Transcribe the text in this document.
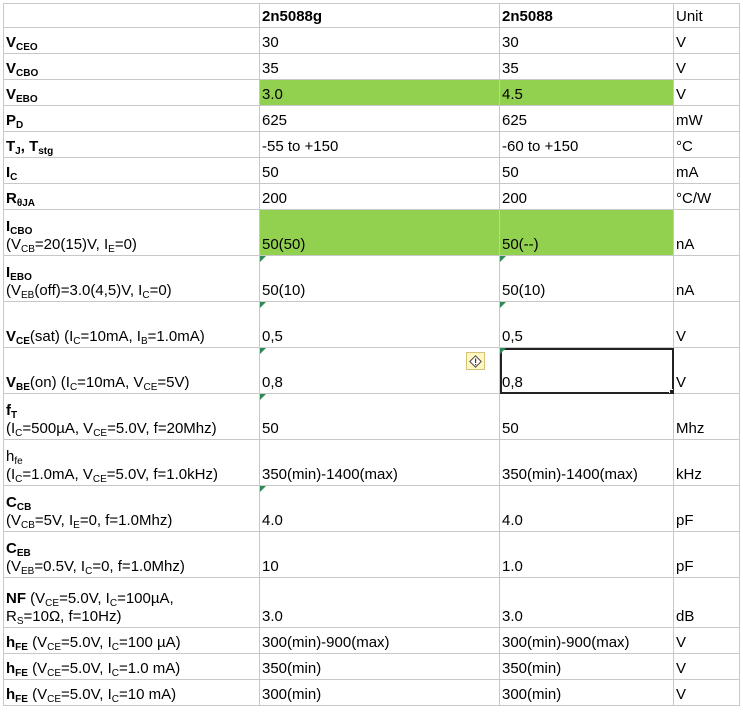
	2n5088g	2n5088	Unit
$V_{CEO}$	30	30	V
$V_{CBO}$	35	35	V
$V_{EBO}$	3.0	4.5	V
$P_D$	625	625	mW
$T_J$, $T_{stg}$	-55 to +150	-60 to +150	°C
$I_C$	50	50	mA
$R_{\theta JA}$	200	200	°C/W

$I_{CBO}$
($V_{CB}=20(15)V$, $I_E=0$)	50(50)	50(--)	nA

$I_{EBO}$
($V_{EB}(off)=3.0(4,5)V$, $I_C=0$)	50(10)	50(10)	nA
$V_{CE}(sat)$ ($I_C=10mA$, $I_B=1.0mA$)	0,5	0,5	V
$V_{BE}(on)$ ($I_C=10mA$, $V_{CE}=5V$)	0,8	0,8	V

$f_T$
($I_C=500\mu A$, $V_{CE}=5.0V$, f=20Mhz)	50	50	Mhz

$h_{fe}$
($I_C=1.0mA$, $V_{CE}=5.0V$, f=1.0kHz)	350(min)-1400(max)	350(min)-1400(max)	kHz

$C_{CB}$
($V_{CB}=5V$, $I_E=0$, f=1.0Mhz)	4.0	4.0	pF

$C_{EB}$
($V_{EB}=0.5V$, $I_C=0$, f=1.0Mhz)	10	1.0	pF

NF ($V_{CE}=5.0V$, $I_C=100\mu A$,
$R_S=10\Omega$, f=10Hz)	3.0	3.0	dB
$h_{FE}$ ($V_{CE}=5.0V$, $I_C=100$ µA)	300(min)-900(max)	300(min)-900(max)	V
$h_{FE}$ ($V_{CE}=5.0V$, $I_C=1.0$ mA)	350(min)	350(min)	V
$h_{FE}$ ($V_{CE}=5.0V$, $I_C=10$ mA)	300(min)	300(min)	V
